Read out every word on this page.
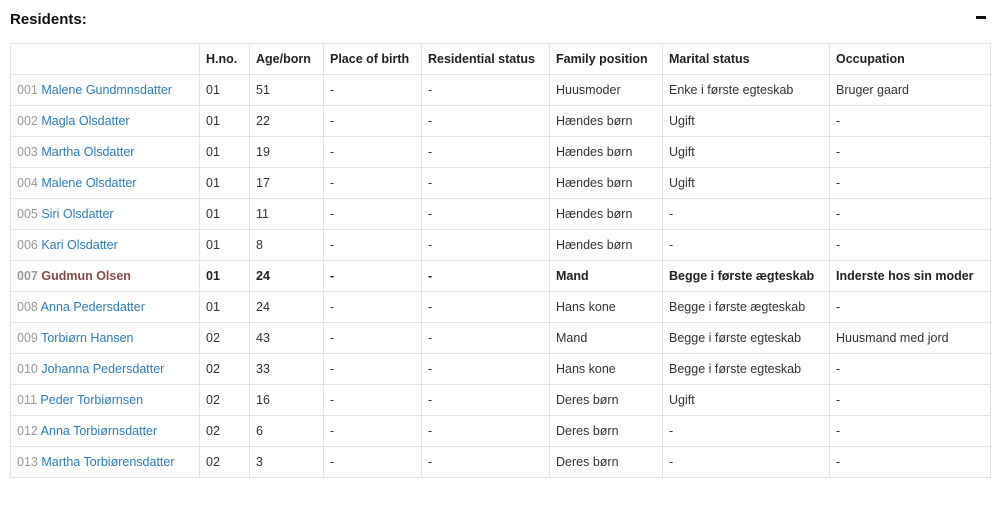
Residents:
	H.no.	Age/born	Place of birth	Residential status	Family position	Marital status	Occupation
001 Malene Gundmnsdatter	01	51	-	-	Huusmoder	Enke i første egteskab	Bruger gaard
002 Magla Olsdatter	01	22	-	-	Hændes børn	Ugift	-
003 Martha Olsdatter	01	19	-	-	Hændes børn	Ugift	-
004 Malene Olsdatter	01	17	-	-	Hændes børn	Ugift	-
005 Siri Olsdatter	01	11	-	-	Hændes børn	-	-
006 Kari Olsdatter	01	8	-	-	Hændes børn	-	-
007 Gudmun Olsen	01	24	-	-	Mand	Begge i første ægteskab	Inderste hos sin moder
008 Anna Pedersdatter	01	24	-	-	Hans kone	Begge i første ægteskab	-
009 Torbiørn Hansen	02	43	-	-	Mand	Begge i første egteskab	Huusmand med jord
010 Johanna Pedersdatter	02	33	-	-	Hans kone	Begge i første egteskab	-
011 Peder Torbiørnsen	02	16	-	-	Deres børn	Ugift	-
012 Anna Torbiørnsdatter	02	6	-	-	Deres børn	-	-
013 Martha Torbiørensdatter	02	3	-	-	Deres børn	-	-
